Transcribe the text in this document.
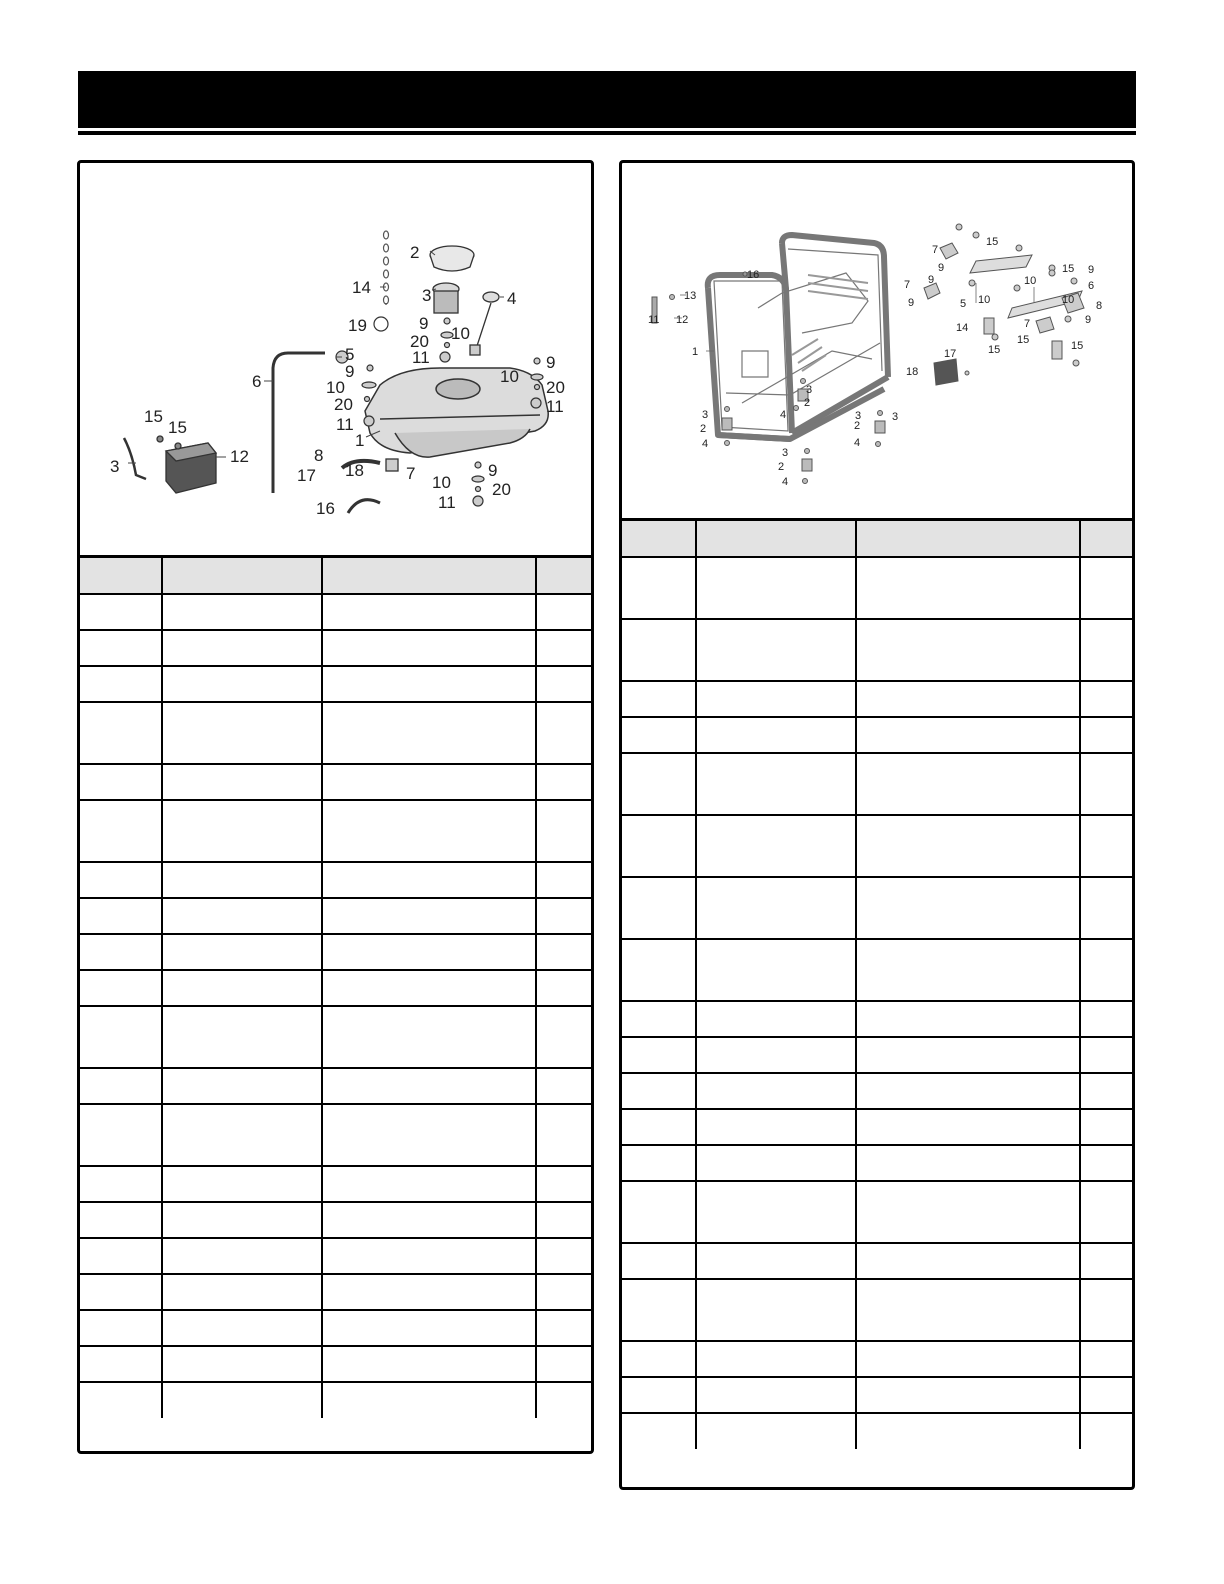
2
3	4
14
19	9
20 10
11
5
9
6	10
20
11
1
10
9
20
11
8
17 18 7	9
10 20
11
16
15
15
12
3

1
16
13
12
11
3
2
4
3
2
4
3
2
4
3
2
4
3
7
15
9
9
7
9	5 10
10
15 9
6
8
9
10
7
15	15
14
15
17
18
